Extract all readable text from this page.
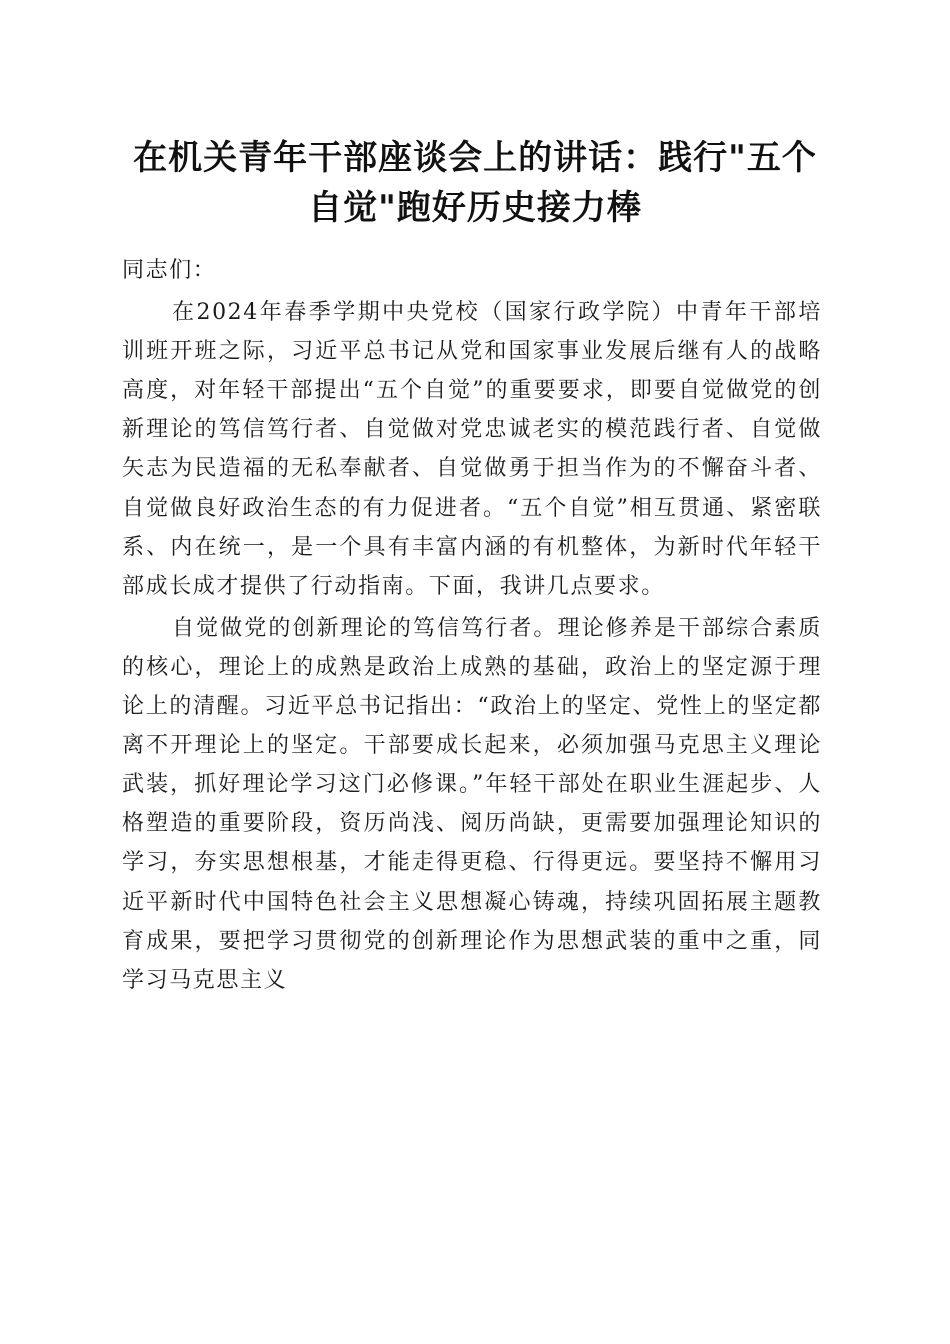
在机关青年干部座谈会上的讲话：践行"五个
自觉"跑好历史接力棒

同志们：

在2024年春季学期中央党校（国家行政学院）中青年干部培训班开班之际，习近平总书记从党和国家事业发展后继有人的战略高度，对年轻干部提出“五个自觉”的重要要求，即要自觉做党的创新理论的笃信笃行者、自觉做对党忠诚老实的模范践行者、自觉做矢志为民造福的无私奉献者、自觉做勇于担当作为的不懈奋斗者、自觉做良好政治生态的有力促进者。“五个自觉”相互贯通、紧密联系、内在统一，是一个具有丰富内涵的有机整体，为新时代年轻干部成长成才提供了行动指南。下面，我讲几点要求。

自觉做党的创新理论的笃信笃行者。理论修养是干部综合素质的核心，理论上的成熟是政治上成熟的基础，政治上的坚定源于理论上的清醒。习近平总书记指出：“政治上的坚定、党性上的坚定都离不开理论上的坚定。干部要成长起来，必须加强马克思主义理论武装，抓好理论学习这门必修课。”年轻干部处在职业生涯起步、人格塑造的重要阶段，资历尚浅、阅历尚缺，更需要加强理论知识的学习，夯实思想根基，才能走得更稳、行得更远。要坚持不懈用习近平新时代中国特色社会主义思想凝心铸魂，持续巩固拓展主题教育成果，要把学习贯彻党的创新理论作为思想武装的重中之重，同学习马克思主义
